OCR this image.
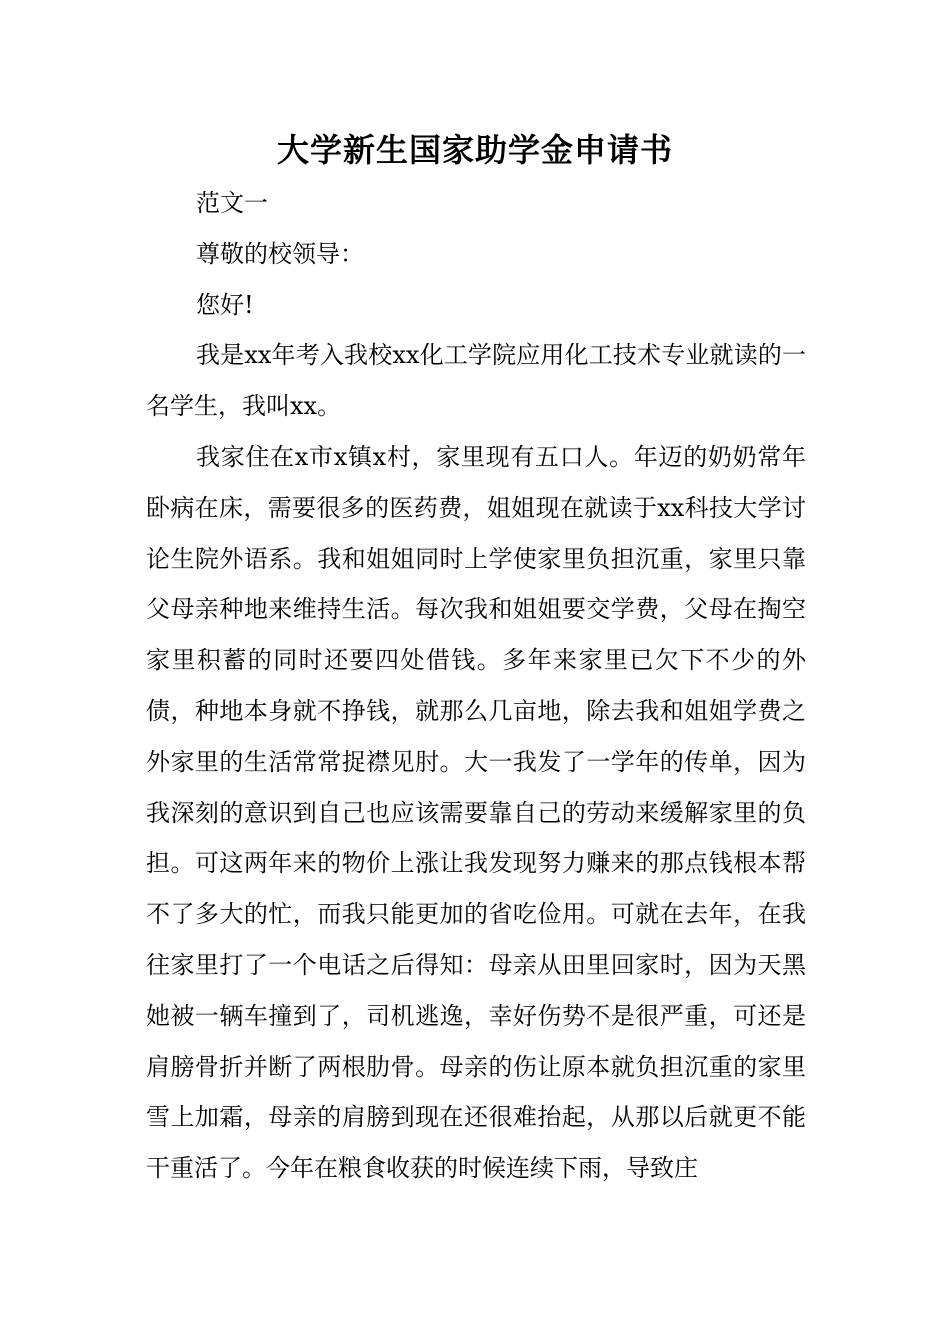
大学新生国家助学金申请书

范文一

尊敬的校领导：

您好!

我是xx年考入我校xx化工学院应用化工技术专业就读的一名学生，我叫xx。

我家住在x市x镇x村，家里现有五口人。年迈的奶奶常年卧病在床，需要很多的医药费，姐姐现在就读于xx科技大学讨论生院外语系。我和姐姐同时上学使家里负担沉重，家里只靠父母亲种地来维持生活。每次我和姐姐要交学费，父母在掏空家里积蓄的同时还要四处借钱。多年来家里已欠下不少的外债，种地本身就不挣钱，就那么几亩地，除去我和姐姐学费之外家里的生活常常捉襟见肘。大一我发了一学年的传单，因为我深刻的意识到自己也应该需要靠自己的劳动来缓解家里的负担。可这两年来的物价上涨让我发现努力赚来的那点钱根本帮不了多大的忙，而我只能更加的省吃俭用。可就在去年，在我往家里打了一个电话之后得知：母亲从田里回家时，因为天黑她被一辆车撞到了，司机逃逸，幸好伤势不是很严重，可还是肩膀骨折并断了两根肋骨。母亲的伤让原本就负担沉重的家里雪上加霜，母亲的肩膀到现在还很难抬起，从那以后就更不能干重活了。今年在粮食收获的时候连续下雨，导致庄
